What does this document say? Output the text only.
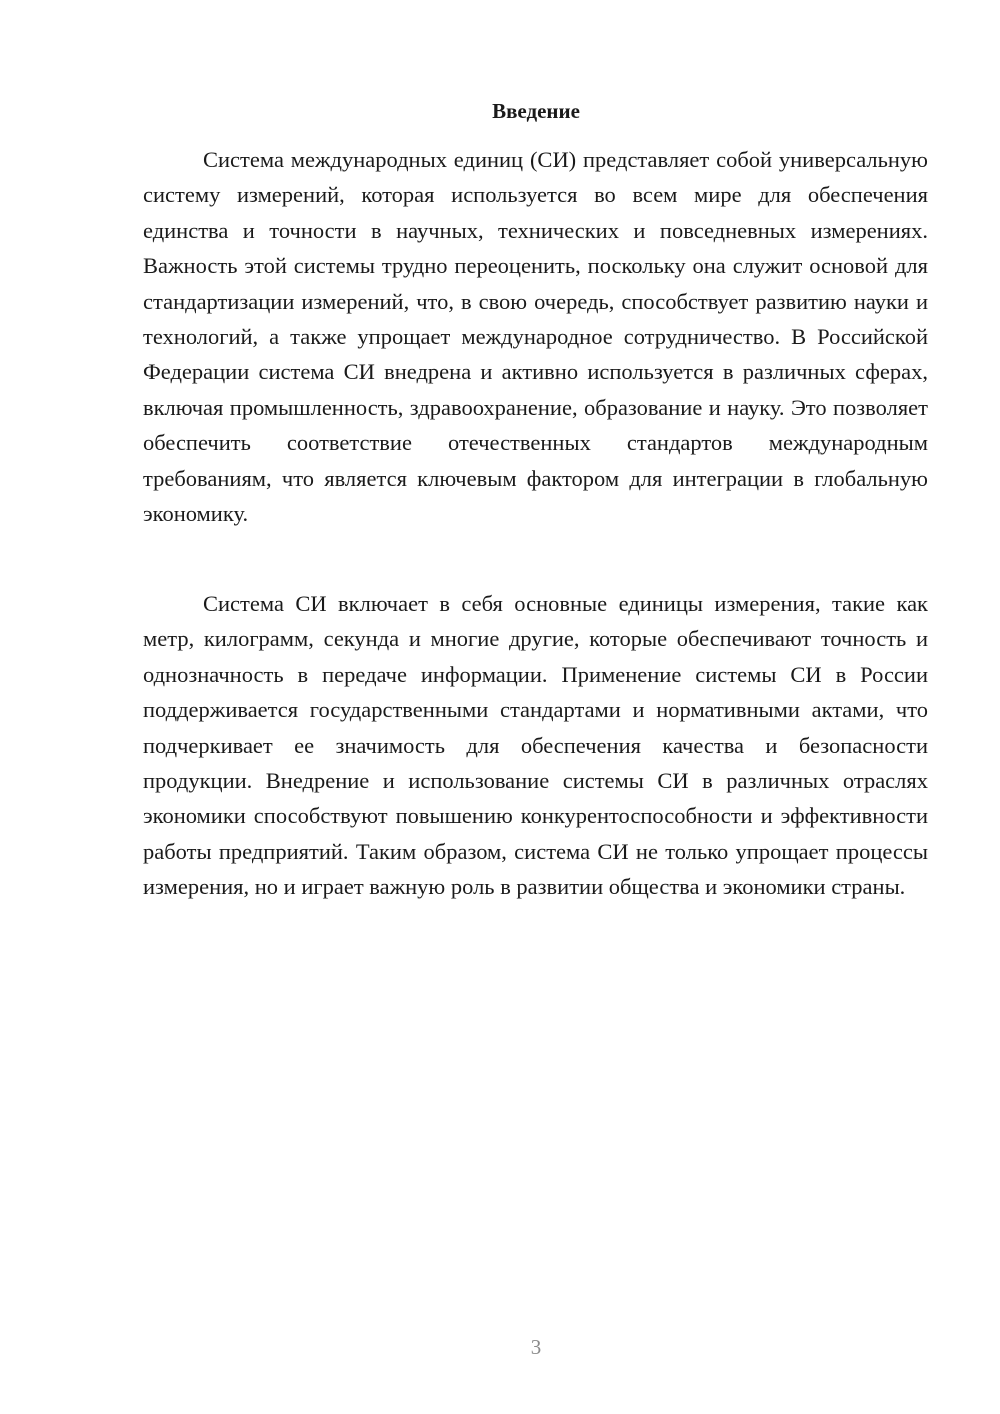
Введение

Система международных единиц (СИ) представляет собой универсальную систему измерений, которая используется во всем мире для обеспечения единства и точности в научных, технических и повседневных измерениях. Важность этой системы трудно переоценить, поскольку она служит основой для стандартизации измерений, что, в свою очередь, способствует развитию науки и технологий, а также упрощает международное сотрудничество. В Российской Федерации система СИ внедрена и активно используется в различных сферах, включая промышленность, здравоохранение, образование и науку. Это позволяет обеспечить соответствие отечественных стандартов международным требованиям, что является ключевым фактором для интеграции в глобальную экономику.

Система СИ включает в себя основные единицы измерения, такие как метр, килограмм, секунда и многие другие, которые обеспечивают точность и однозначность в передаче информации. Применение системы СИ в России поддерживается государственными стандартами и нормативными актами, что подчеркивает ее значимость для обеспечения качества и безопасности продукции. Внедрение и использование системы СИ в различных отраслях экономики способствуют повышению конкурентоспособности и эффективности работы предприятий. Таким образом, система СИ не только упрощает процессы измерения, но и играет важную роль в развитии общества и экономики страны.

3
